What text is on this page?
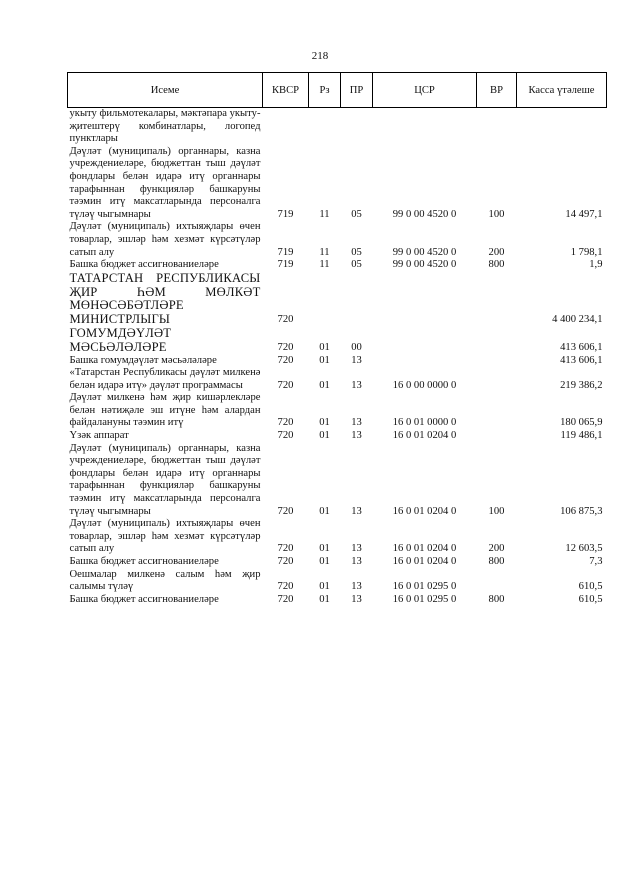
218
Исеме	КВСР	Рз	ПР	ЦСР	ВР	Касса үтәлеше
укыту фильмотекалары, мәктәпара укыту-җитештерү комбинатлары, логопед пунктлары						
Дәүләт (муниципаль) органнары, казна учреждениеләре, бюджеттан тыш дәүләт фондлары белән идарә итү органнары тарафыннан функцияләр башкаруны тәэмин итү максатларында персоналга түләү чыгымнары	719	11	05	99 0 00 4520 0	100	14 497,1
Дәүләт (муниципаль) ихтыяҗлары өчен товарлар, эшләр һәм хезмәт күрсәтүләр сатып алу	719	11	05	99 0 00 4520 0	200	1 798,1
Башка бюджет ассигнованиеләре	719	11	05	99 0 00 4520 0	800	1,9
ТАТАРСТАН РЕСПУБЛИКАСЫ ҖИР ҺӘМ МӨЛКӘТ МӨНӘСӘБӘТЛӘРЕ МИНИСТРЛЫГЫ	720					4 400 234,1
ГОМУМДӘҮЛӘТ МӘСЬӘЛӘЛӘРЕ	720	01	00			413 606,1
Башка гомумдәүләт мәсьәләләре	720	01	13			413 606,1
«Татарстан Республикасы дәүләт милкенә белән идарә итү» дәүләт программасы	720	01	13	16 0 00 0000 0		219 386,2
Дәүләт милкенә һәм җир кишәрлекләре белән нәтиҗәле эш итүне һәм алардан файдалануны тәэмин итү	720	01	13	16 0 01 0000 0		180 065,9
Үзәк аппарат	720	01	13	16 0 01 0204 0		119 486,1
Дәүләт (муниципаль) органнары, казна учреждениеләре, бюджеттан тыш дәүләт фондлары белән идарә итү органнары тарафыннан функцияләр башкаруны тәэмин итү максатларында персоналга түләү чыгымнары	720	01	13	16 0 01 0204 0	100	106 875,3
Дәүләт (муниципаль) ихтыяҗлары өчен товарлар, эшләр һәм хезмәт күрсәтүләр сатып алу	720	01	13	16 0 01 0204 0	200	12 603,5
Башка бюджет ассигнованиеләре	720	01	13	16 0 01 0204 0	800	7,3
Оешмалар милкенә салым һәм җир салымы түләү	720	01	13	16 0 01 0295 0		610,5
Башка бюджет ассигнованиеләре	720	01	13	16 0 01 0295 0	800	610,5
